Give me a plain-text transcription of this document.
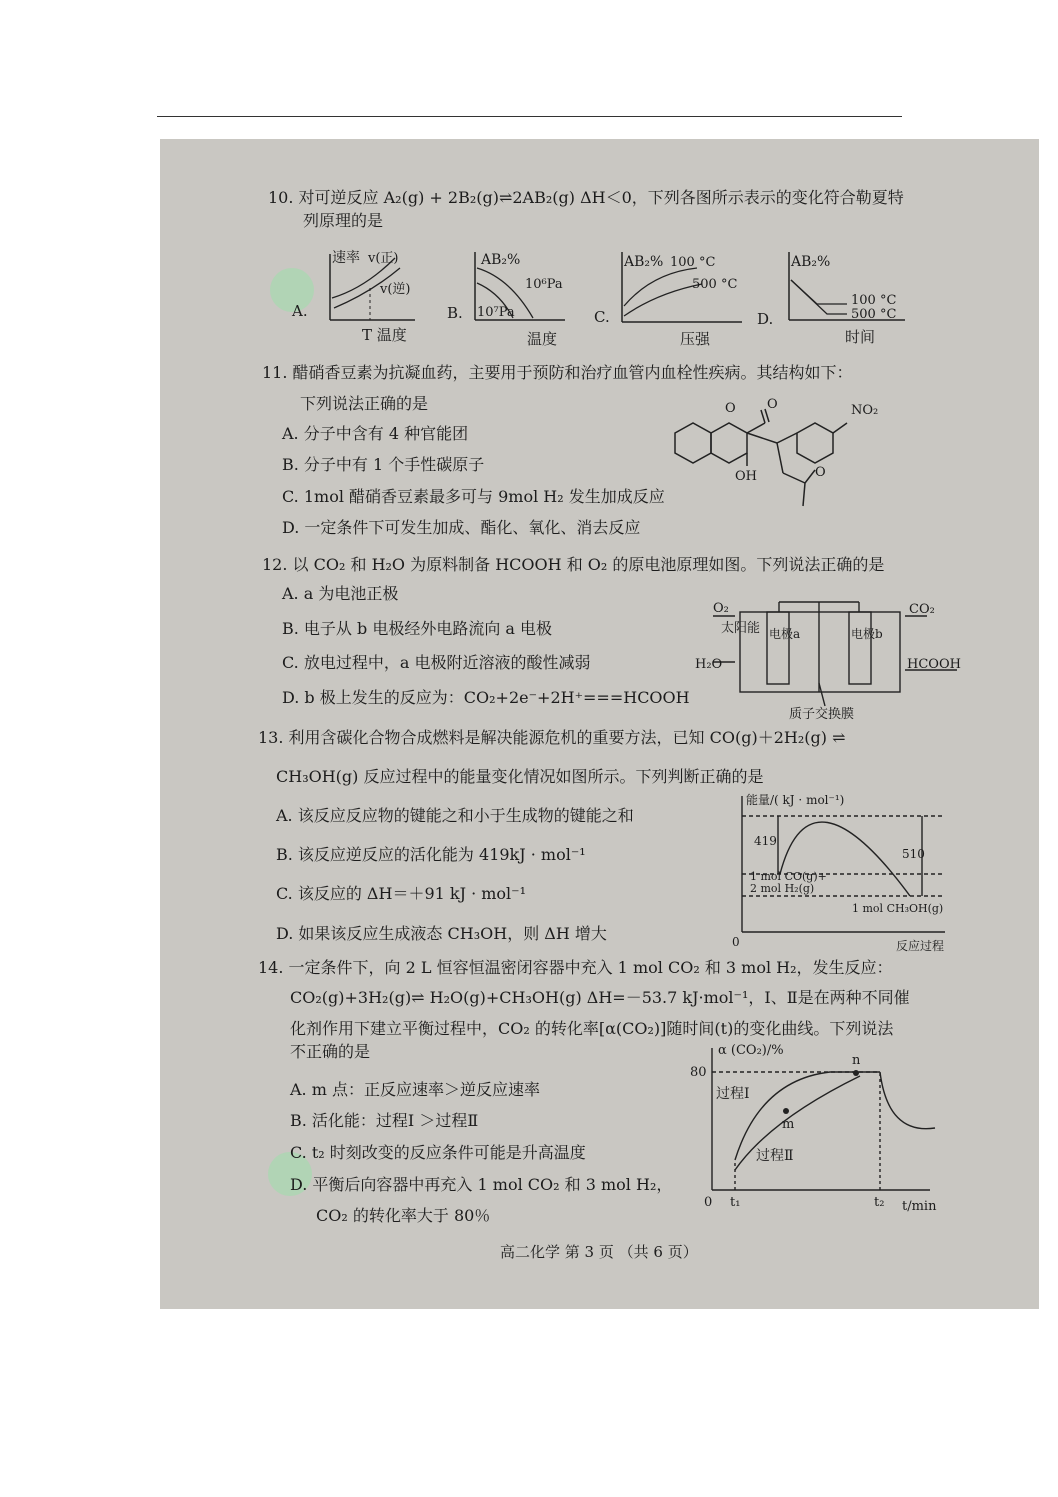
10. 对可逆反应 A₂(g) + 2B₂(g)⇌2AB₂(g) ΔH＜0，下列各图所示表示的变化符合勒夏特
列原理的是
速率 v(正)
v(逆)
A.
T 温度
AB₂%
10⁶Pa
10⁷Pa
B.
温度
AB₂% 100 °C
500 °C
C.
压强
AB₂%
100 °C
500 °C
D.
时间
11. 醋硝香豆素为抗凝血药，主要用于预防和治疗血管内血栓性疾病。其结构如下：
下列说法正确的是
A. 分子中含有 4 种官能团
B. 分子中有 1 个手性碳原子
C. 1mol 醋硝香豆素最多可与 9mol H₂ 发生加成反应
D. 一定条件下可发生加成、酯化、氧化、消去反应
O O	NO₂
OH	O
12. 以 CO₂ 和 H₂O 为原料制备 HCOOH 和 O₂ 的原电池原理如图。下列说法正确的是
A. a 为电池正极
B. 电子从 b 电极经外电路流向 a 电极
C. 放电过程中，a 电极附近溶液的酸性减弱
D. b 极上发生的反应为：CO₂+2e⁻+2H⁺===HCOOH
O₂	CO₂
太阳能
H₂O
电极a	电极b
HCOOH
质子交换膜
13. 利用含碳化合物合成燃料是解决能源危机的重要方法，已知 CO(g)＋2H₂(g) ⇌
CH₃OH(g) 反应过程中的能量变化情况如图所示。下列判断正确的是
A. 该反应反应物的键能之和小于生成物的键能之和
B. 该反应逆反应的活化能为 419kJ · mol⁻¹
C. 该反应的 ΔH＝＋91 kJ · mol⁻¹
D. 如果该反应生成液态 CH₃OH，则 ΔH 增大
能量/( kJ · mol⁻¹)
419
510
1 mol CO(g)+
2 mol H₂(g)
1 mol CH₃OH(g)
0	反应过程
14. 一定条件下，向 2 L 恒容恒温密闭容器中充入 1 mol CO₂ 和 3 mol H₂，发生反应：
CO₂(g)+3H₂(g)⇌ H₂O(g)+CH₃OH(g) ΔH=－53.7 kJ·mol⁻¹，Ⅰ、Ⅱ是在两种不同催
化剂作用下建立平衡过程中，CO₂ 的转化率[α(CO₂)]随时间(t)的变化曲线。下列说法
不正确的是
A. m 点：正反应速率＞逆反应速率
B. 活化能：过程Ⅰ ＞过程Ⅱ
C. t₂ 时刻改变的反应条件可能是升高温度
D. 平衡后向容器中再充入 1 mol CO₂ 和 3 mol H₂，
CO₂ 的转化率大于 80％
α (CO₂)/%
80
n
m
过程Ⅰ
过程Ⅱ
0 t₁	t₂ t/min
高二化学 第 3 页 （共 6 页）
